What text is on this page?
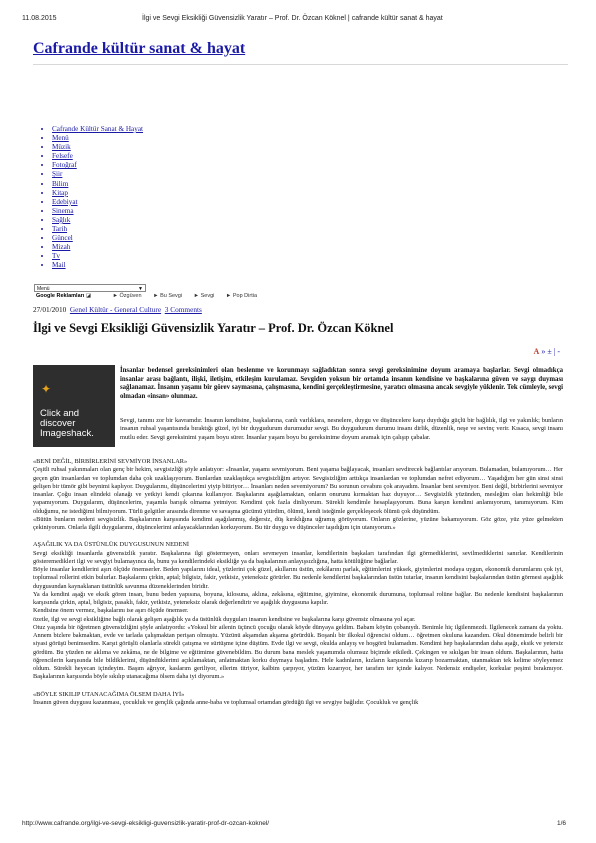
11.08.2015	İlgi ve Sevgi Eksikliği Güvensizlik Yaratır – Prof. Dr. Özcan Köknel | cafrande kültür sanat & hayat
Cafrande kültür sanat & hayat
• Cafrande Kültür Sanat & Hayat
• Menü
• Müzik
• Felsefe
• Fotoğraf
• Şiir
• Bilim
• Kitap
• Edebiyat
• Sinema
• Sağlık
• Tarih
• Güncel
• Mizah
• Tv
• Mail
Menü	▼
Google Reklamları ◪	► Özgüven ► Bu Sevgi ► Sevgi ► Pop Dirtia
27/01/2010 Genel Kültür - General Culture 3 Comments
İlgi ve Sevgi Eksikliği Güvensizlik Yaratır – Prof. Dr. Özcan Köknel
A » ± | -
✦
Click and
discover
Imageshack.
İnsanlar bedensel gereksinimleri olan beslenme ve korunmayı sağladıktan sonra sevgi gereksinimine doyum aramaya başlarlar. Sevgi olmadıkça insanlar arası bağlantı, ilişki, iletişim, etkileşim kurulamaz. Sevgiden yoksun bir ortamda insanın kendisine ve başkalarına güven ve saygı duyması sağlanamaz. İnsanın yaşamı bir görev saymasına, çalışmasına, kendini gerçekleştirmesine, yaratıcı olmasına ancak sevgiyle yüklenir. Tek cümleyle, sevgi olmadan «insan» olunmaz.
Sevgi, tanımı zor bir kavramdır. İnsanın kendisine, başkalarına, canlı varlıklara, nesnelere, duygu ve düşüncelere karşı duyduğu güçlü bir bağlılık, ilgi ve yakınlık; bunların insanın ruhsal yaşantısında bıraktığı güzel, iyi bir duygudurum durumudur sevgi. Bu duygudurum durumu insanı dirlik, düzenlik, neşe ve sevinç verir. Kısaca, sevgi insanı mutlu eder. Sevgi gereksinimi yaşam boyu sürer. İnsanlar yaşam boyu bu gereksinime doyum aramak için çalışıp çabalar.

«BENİ DEĞİL, BİRBİRLERİNİ SEVMİYOR İNSANLAR»

Çeşitli ruhsal yakınmaları olan genç bir hekim, sevgisizliği şöyle anlatıyor: «İnsanlar, yaşamı sevmiyorum. Beni yaşama bağlayacak, insanları sevdirecek bağlantılar arıyorum. Bulamadan, bulamıyorum… Her geçen gün insanlardan ve toplumdan daha çok uzaklaşıyorum. Bunlardan uzaklaştıkça sevgisizliğim artıyor. Sevgisizliğim arttıkça insanlardan ve toplumdan nefret ediyorum… Yaşadığım her gün sinsi sinsi gelişen bir tümör gibi beynimi kaplıyor. Duygularımı, düşüncelerimi yiyip bitiriyor… İnsanları neden sevemiyorum? Bu sorunun cevabını çok arayadım. İnsanlar beni sevmiyor. Beni değil, birbirlerini sevmiyor insanlar. Çoğu insan elindeki olanağı ve yetkiyi kendi çıkarına kullanıyor. Başkalarını aşağılamaktan, onların onurunu kırmaktan haz duyuyor… Sevgisizlik yüzünden, mesleğim olan hekimliği bile yapamıyorum. Duygularım, düşüncelerim, yaşamla barışık olmama yetmiyor. Kendimi çok fazla dinliyorum. Sürekli kendimle hesaplaşıyorum. Buna karşın kendimi anlamıyorum, tanımıyorum. Kim olduğumu, ne istediğimi bilmiyorum. Türlü gelgitler arasında direnme ve savaşma gücümü yitirdim, ölümü, kendi isteğimle gerçekleşecek ölümü çok düşündüm.

«Bütün bunların nedeni sevgisizlik. Başkalarının karşısında kendimi aşağılanmış, değersiz, düş kırıklığına uğramış görüyorum. Onların gözlerine, yüzüne bakamıyorum. Göz göze, yüz yüze gelmekten çekiniyorum. Onlarla ilgili duygularımı, düşüncelerimi anlayacaklarından korkuyorum. Bu tür duygu ve düşünceler taşıdığım için utanıyorum.»

AŞAĞILIK YA DA ÜSTÜNLÜK DUYGUSUNUN NEDENİ

Sevgi eksikliği insanlarda güvensizlik yaratır. Başkalarına ilgi göstermeyen, onları sevmeyen insanlar, kendilerinin başkaları tarafından ilgi görmediklerini, sevilmediklerini sanırlar. Kendilerinin gösteremedikleri ilgi ve sevgiyi bulamayınca da, bunu ya kendilerindeki eksikliğe ya da başkalarının anlayışsızlığına, hatta kötülüğüne bağlarlar.

Böyle insanlar kendilerini aşırı ölçüde önemserler. Beden yapılarını ideal, yüzlerini çok güzel, akıllarını üstün, zekâlarını parlak, eğitimlerini yüksek, giyimlerini modaya uygun, ekonomik durumlarını çok iyi, toplumsal rollerini etkin bulurlar. Başkalarını çirkin, aptal; bilgisiz, fakir, yetkisiz, yeteneksiz görürler. Bu nedenle kendilerini başkalarından üstün tutarlar, insanın kendisini başkalarından üstün görmesi aşağılık duygusundan kaynaklanan üstünlük savunma düzeneklerinden biridir.

Ya da kendini aşağı ve eksik gören insan, bunu beden yapısına, boyuna, kilosuna, aklına, zekâsına, eğitimine, giyimine, ekonomik durumuna, toplumsal rolüne bağlar. Bu nedenle kendisini başkalarının karşısında çirkin, aptal, bilgisiz, pasaklı, fakir, yetkisiz, yeteneksiz olarak değerlendirir ve aşağılık duygusuna kapılır.

Kendisine önem vermez, başkalarını ise aşırı ölçüde önemser.

özetle, ilgi ve sevgi eksikliğine bağlı olarak gelişen aşağılık ya da üstünlük duyguları insanın kendisine ve başkalarına karşı güvensiz olmasına yol açar.

Otuz yaşında bir öğretmen güvensizliğini şöyle anlatıyordu: «Yoksul bir ailenin üçüncü çocuğu olarak köyde dünyaya geldim. Babam köyün çobanıydı. Benimle hiç ilgilenmezdi. İlgilenecek zamanı da yoktu. Annem bizlere bakmaktan, evde ve tarlada çalışmaktan perişan olmuştu. Yüzünü akşamdan akşama görürdük. Boşanlı bir ilkokul öğrencisi oldum… öğretmen okuluna kazandım. Okul dönemimde belirli bir siyasi görüşü benimsedim. Karşıt görüşlü olanlarla sürekli çatışma ve sürtüşme içine düştüm. Evde ilgi ve sevgi, okulda anlayış ve hoşgörü bulamadım. Kendimi hep başkalarından daha aşağı, eksik ve yetersiz gördüm. Bu yüzden ne aklıma ve zekâma, ne de bilgime ve eğitimime güvenebildim. Bu durum bana meslek yaşamımda olumsuz biçimde etkiledi. Çekingen ve sıkılgan bir insan oldum. Başkalarının, hatta öğrencilerin karşısında bile bildiklerimi, düşündüklerimi açıklamaktan, anlatmaktan korku duymaya başladım. Hele kadınların, kızların karşısında kızarıp bozarmaktan, utanmaktan tek kelime söyleyemez oldum. Sürekli heyecan içindeyim. Başım ağrıyor, kaslarım geriliyor, ellerim titriyor, kalbim çarpıyor, yüzüm kızarıyor, her tarafım ter içinde kalıyor. Nedensiz endişeler, korkular peşimi bırakmıyor. Başkalarının karşısında böyle sıkılıp utanacağıma ölsem daha iyi diyorum.»

«BÖYLE SIKILIP UTANACAĞIMA ÖLSEM DAHA İYİ»

İnsanın güven duygusu kazanması, çocukluk ve gençlik çağında anne-baba ve toplumsal ortamdan gördüğü ilgi ve sevgiye bağlıdır. Çocukluk ve gençlik

http://www.cafrande.org/ilgi-ve-sevgi-eksikligi-guvensizlik-yaratir-prof-dr-ozcan-koknel/	1/6
